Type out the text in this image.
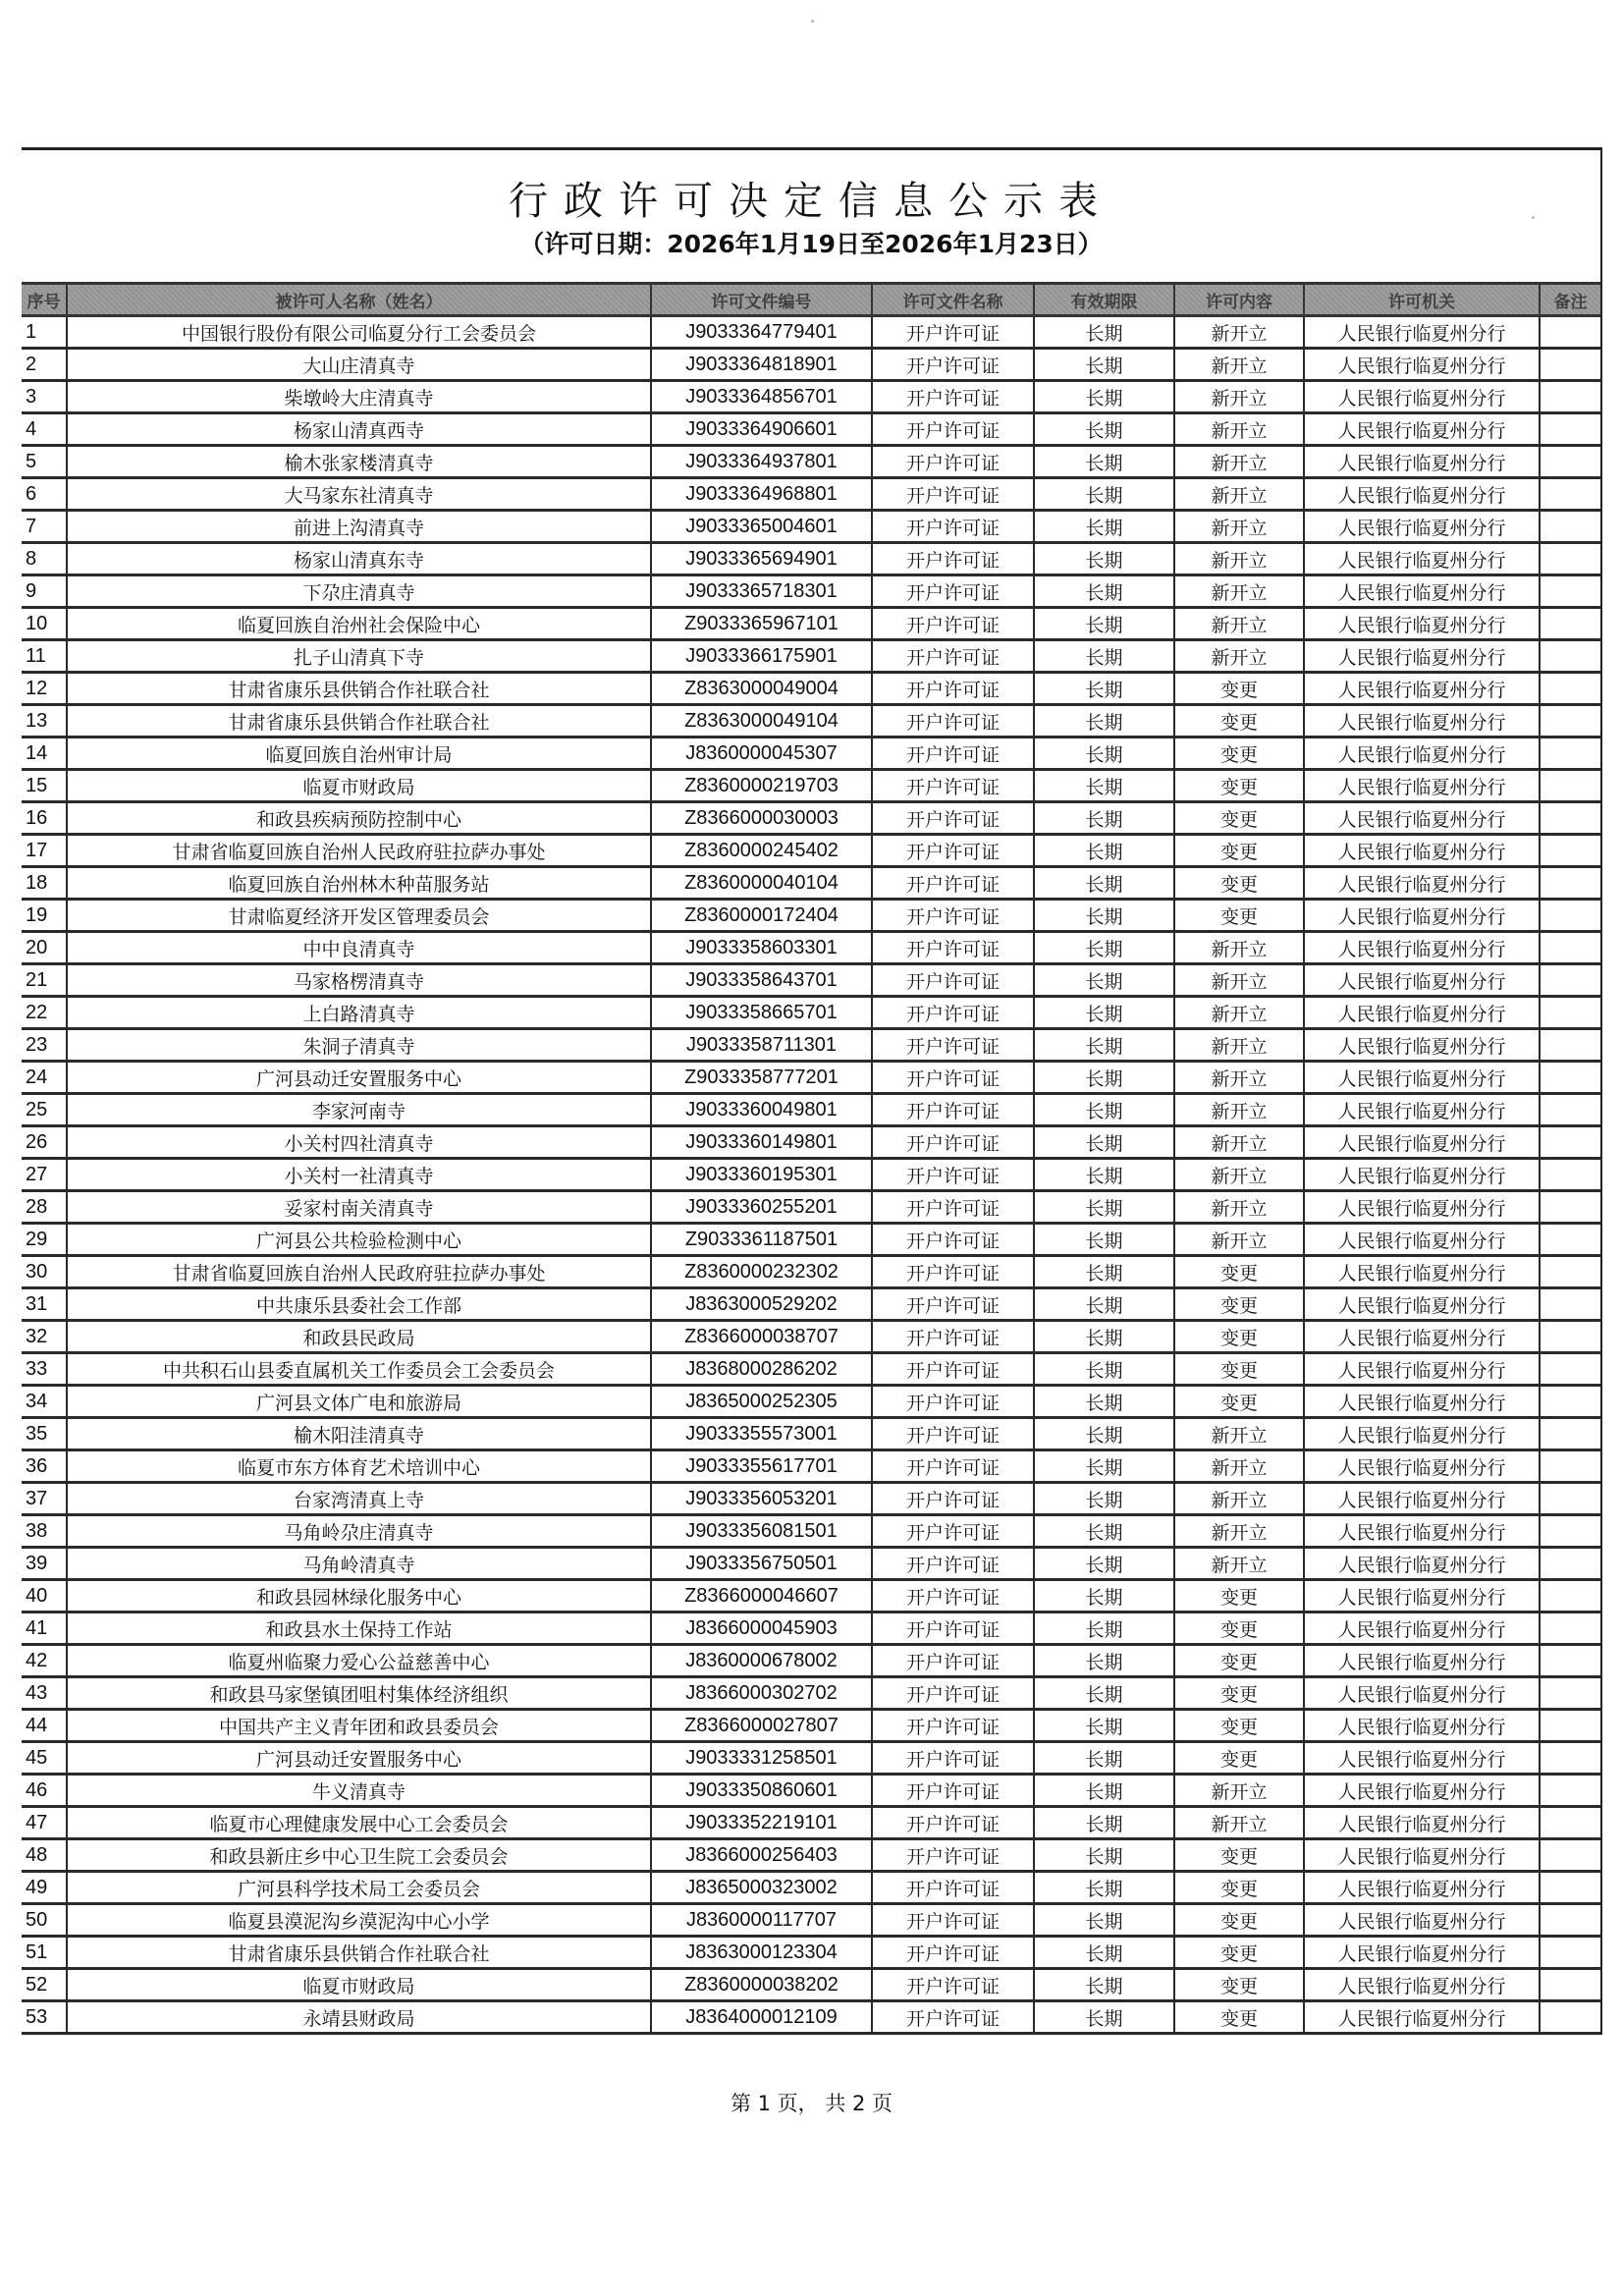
行政许可决定信息公示表
（许可日期：2026年1月19日至2026年1月23日）
序号	被许可人名称（姓名）	许可文件编号	许可文件名称	有效期限	许可内容	许可机关	备注
1	中国银行股份有限公司临夏分行工会委员会	J9033364779401	开户许可证	长期	新开立	人民银行临夏州分行	
2	大山庄清真寺	J9033364818901	开户许可证	长期	新开立	人民银行临夏州分行	
3	柴墩岭大庄清真寺	J9033364856701	开户许可证	长期	新开立	人民银行临夏州分行	
4	杨家山清真西寺	J9033364906601	开户许可证	长期	新开立	人民银行临夏州分行	
5	榆木张家楼清真寺	J9033364937801	开户许可证	长期	新开立	人民银行临夏州分行	
6	大马家东社清真寺	J9033364968801	开户许可证	长期	新开立	人民银行临夏州分行	
7	前进上沟清真寺	J9033365004601	开户许可证	长期	新开立	人民银行临夏州分行	
8	杨家山清真东寺	J9033365694901	开户许可证	长期	新开立	人民银行临夏州分行	
9	下尕庄清真寺	J9033365718301	开户许可证	长期	新开立	人民银行临夏州分行	
10	临夏回族自治州社会保险中心	Z9033365967101	开户许可证	长期	新开立	人民银行临夏州分行	
11	扎子山清真下寺	J9033366175901	开户许可证	长期	新开立	人民银行临夏州分行	
12	甘肃省康乐县供销合作社联合社	Z8363000049004	开户许可证	长期	变更	人民银行临夏州分行	
13	甘肃省康乐县供销合作社联合社	Z8363000049104	开户许可证	长期	变更	人民银行临夏州分行	
14	临夏回族自治州审计局	J8360000045307	开户许可证	长期	变更	人民银行临夏州分行	
15	临夏市财政局	Z8360000219703	开户许可证	长期	变更	人民银行临夏州分行	
16	和政县疾病预防控制中心	Z8366000030003	开户许可证	长期	变更	人民银行临夏州分行	
17	甘肃省临夏回族自治州人民政府驻拉萨办事处	Z8360000245402	开户许可证	长期	变更	人民银行临夏州分行	
18	临夏回族自治州林木种苗服务站	Z8360000040104	开户许可证	长期	变更	人民银行临夏州分行	
19	甘肃临夏经济开发区管理委员会	Z8360000172404	开户许可证	长期	变更	人民银行临夏州分行	
20	中中良清真寺	J9033358603301	开户许可证	长期	新开立	人民银行临夏州分行	
21	马家格楞清真寺	J9033358643701	开户许可证	长期	新开立	人民银行临夏州分行	
22	上白路清真寺	J9033358665701	开户许可证	长期	新开立	人民银行临夏州分行	
23	朱洞子清真寺	J9033358711301	开户许可证	长期	新开立	人民银行临夏州分行	
24	广河县动迁安置服务中心	Z9033358777201	开户许可证	长期	新开立	人民银行临夏州分行	
25	李家河南寺	J9033360049801	开户许可证	长期	新开立	人民银行临夏州分行	
26	小关村四社清真寺	J9033360149801	开户许可证	长期	新开立	人民银行临夏州分行	
27	小关村一社清真寺	J9033360195301	开户许可证	长期	新开立	人民银行临夏州分行	
28	妥家村南关清真寺	J9033360255201	开户许可证	长期	新开立	人民银行临夏州分行	
29	广河县公共检验检测中心	Z9033361187501	开户许可证	长期	新开立	人民银行临夏州分行	
30	甘肃省临夏回族自治州人民政府驻拉萨办事处	Z8360000232302	开户许可证	长期	变更	人民银行临夏州分行	
31	中共康乐县委社会工作部	J8363000529202	开户许可证	长期	变更	人民银行临夏州分行	
32	和政县民政局	Z8366000038707	开户许可证	长期	变更	人民银行临夏州分行	
33	中共积石山县委直属机关工作委员会工会委员会	J8368000286202	开户许可证	长期	变更	人民银行临夏州分行	
34	广河县文体广电和旅游局	J8365000252305	开户许可证	长期	变更	人民银行临夏州分行	
35	榆木阳洼清真寺	J9033355573001	开户许可证	长期	新开立	人民银行临夏州分行	
36	临夏市东方体育艺术培训中心	J9033355617701	开户许可证	长期	新开立	人民银行临夏州分行	
37	台家湾清真上寺	J9033356053201	开户许可证	长期	新开立	人民银行临夏州分行	
38	马角岭尕庄清真寺	J9033356081501	开户许可证	长期	新开立	人民银行临夏州分行	
39	马角岭清真寺	J9033356750501	开户许可证	长期	新开立	人民银行临夏州分行	
40	和政县园林绿化服务中心	Z8366000046607	开户许可证	长期	变更	人民银行临夏州分行	
41	和政县水土保持工作站	J8366000045903	开户许可证	长期	变更	人民银行临夏州分行	
42	临夏州临聚力爱心公益慈善中心	J8360000678002	开户许可证	长期	变更	人民银行临夏州分行	
43	和政县马家堡镇团咀村集体经济组织	J8366000302702	开户许可证	长期	变更	人民银行临夏州分行	
44	中国共产主义青年团和政县委员会	Z8366000027807	开户许可证	长期	变更	人民银行临夏州分行	
45	广河县动迁安置服务中心	J9033331258501	开户许可证	长期	变更	人民银行临夏州分行	
46	牛义清真寺	J9033350860601	开户许可证	长期	新开立	人民银行临夏州分行	
47	临夏市心理健康发展中心工会委员会	J9033352219101	开户许可证	长期	新开立	人民银行临夏州分行	
48	和政县新庄乡中心卫生院工会委员会	J8366000256403	开户许可证	长期	变更	人民银行临夏州分行	
49	广河县科学技术局工会委员会	J8365000323002	开户许可证	长期	变更	人民银行临夏州分行	
50	临夏县漠泥沟乡漠泥沟中心小学	J8360000117707	开户许可证	长期	变更	人民银行临夏州分行	
51	甘肃省康乐县供销合作社联合社	J8363000123304	开户许可证	长期	变更	人民银行临夏州分行	
52	临夏市财政局	Z8360000038202	开户许可证	长期	变更	人民银行临夏州分行	
53	永靖县财政局	J8364000012109	开户许可证	长期	变更	人民银行临夏州分行	
第 1 页， 共 2 页
